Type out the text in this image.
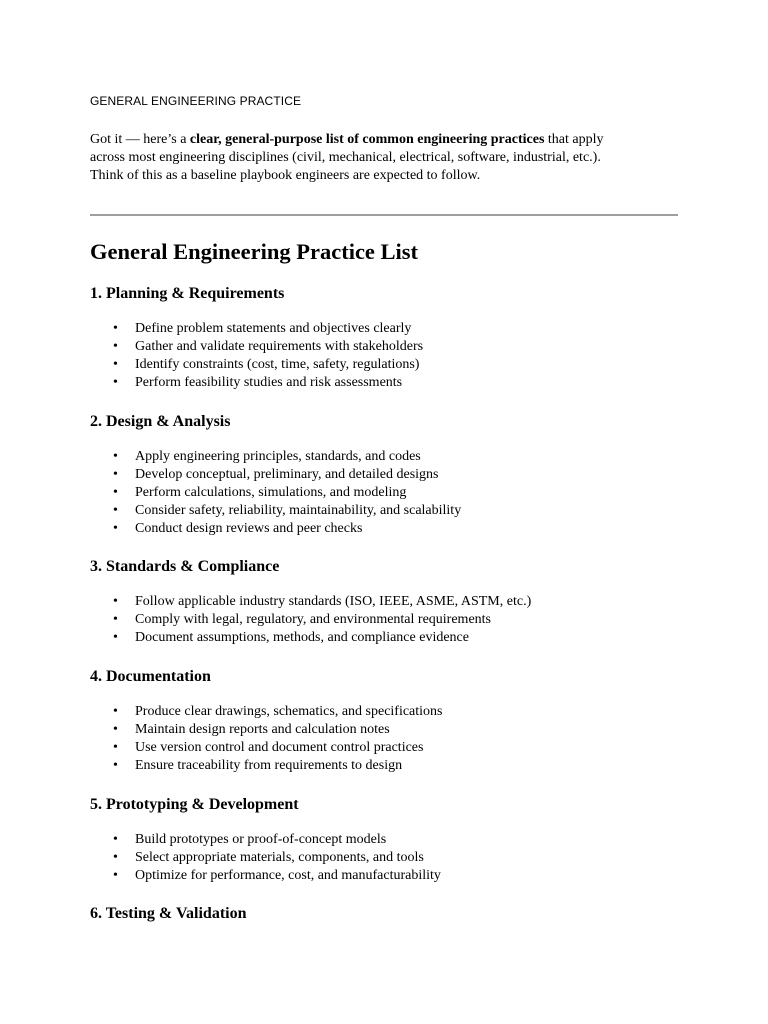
GENERAL ENGINEERING PRACTICE
Got it — here’s a clear, general-purpose list of common engineering practices that apply
across most engineering disciplines (civil, mechanical, electrical, software, industrial, etc.).
Think of this as a baseline playbook engineers are expected to follow.
General Engineering Practice List
1. Planning & Requirements
• Define problem statements and objectives clearly
• Gather and validate requirements with stakeholders
• Identify constraints (cost, time, safety, regulations)
• Perform feasibility studies and risk assessments
2. Design & Analysis
• Apply engineering principles, standards, and codes
• Develop conceptual, preliminary, and detailed designs
• Perform calculations, simulations, and modeling
• Consider safety, reliability, maintainability, and scalability
• Conduct design reviews and peer checks
3. Standards & Compliance
• Follow applicable industry standards (ISO, IEEE, ASME, ASTM, etc.)
• Comply with legal, regulatory, and environmental requirements
• Document assumptions, methods, and compliance evidence
4. Documentation
• Produce clear drawings, schematics, and specifications
• Maintain design reports and calculation notes
• Use version control and document control practices
• Ensure traceability from requirements to design
5. Prototyping & Development
• Build prototypes or proof-of-concept models
• Select appropriate materials, components, and tools
• Optimize for performance, cost, and manufacturability
6. Testing & Validation
